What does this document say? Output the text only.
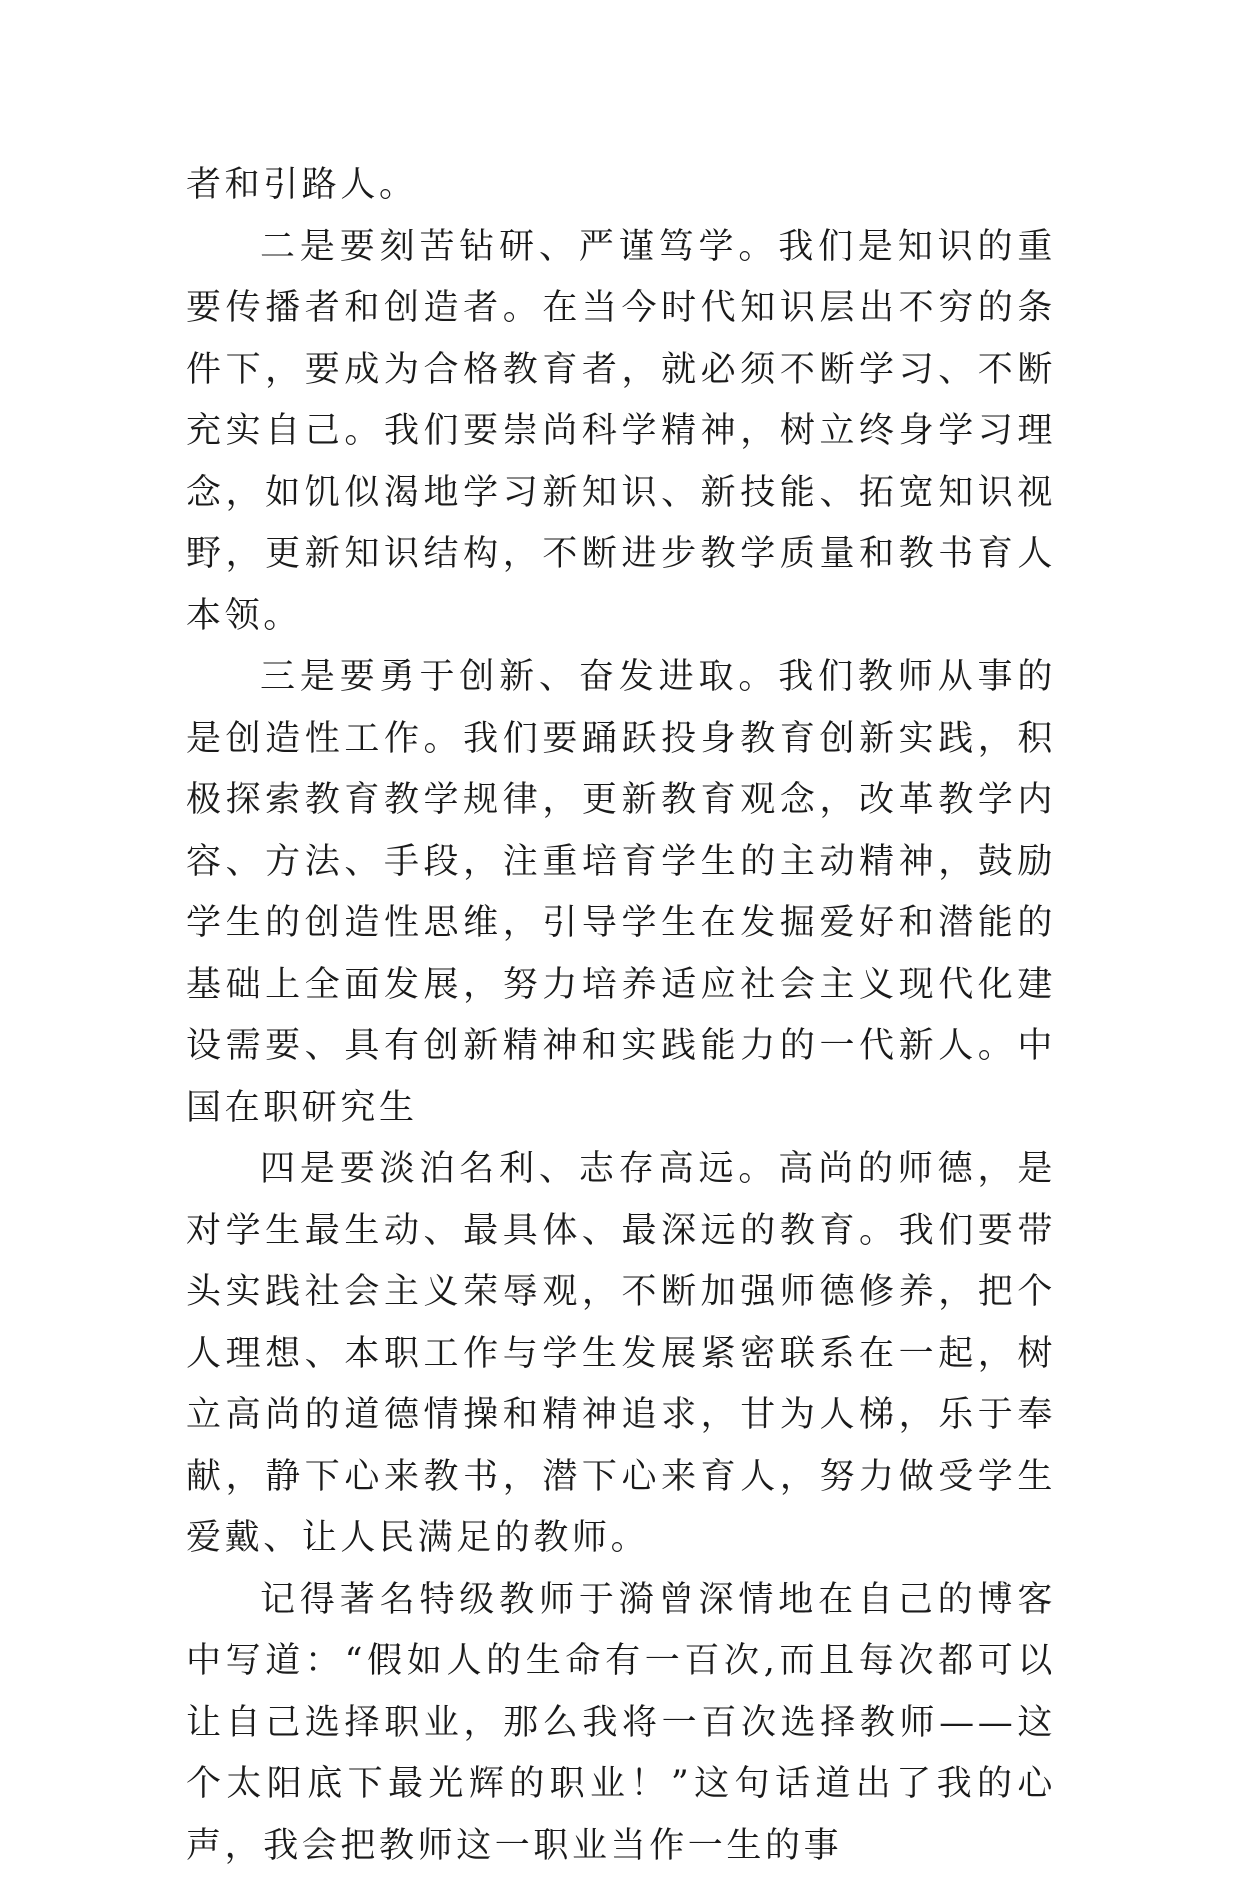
者和引路人。

二是要刻苦钻研、严谨笃学。我们是知识的重要传播者和创造者。在当今时代知识层出不穷的条件下，要成为合格教育者，就必须不断学习、不断充实自己。我们要崇尚科学精神，树立终身学习理念，如饥似渴地学习新知识、新技能、拓宽知识视野，更新知识结构，不断进步教学质量和教书育人本领。

三是要勇于创新、奋发进取。我们教师从事的是创造性工作。我们要踊跃投身教育创新实践，积极探索教育教学规律，更新教育观念，改革教学内容、方法、手段，注重培育学生的主动精神，鼓励学生的创造性思维，引导学生在发掘爱好和潜能的基础上全面发展，努力培养适应社会主义现代化建设需要、具有创新精神和实践能力的一代新人。中国在职研究生

四是要淡泊名利、志存高远。高尚的师德，是对学生最生动、最具体、最深远的教育。我们要带头实践社会主义荣辱观，不断加强师德修养，把个人理想、本职工作与学生发展紧密联系在一起，树立高尚的道德情操和精神追求，甘为人梯，乐于奉献，静下心来教书，潜下心来育人，努力做受学生爱戴、让人民满足的教师。

记得著名特级教师于漪曾深情地在自己的博客中写道：“假如人的生命有一百次,而且每次都可以让自己选择职业，那么我将一百次选择教师——这个太阳底下最光辉的职业！”这句话道出了我的心声，我会把教师这一职业当作一生的事
